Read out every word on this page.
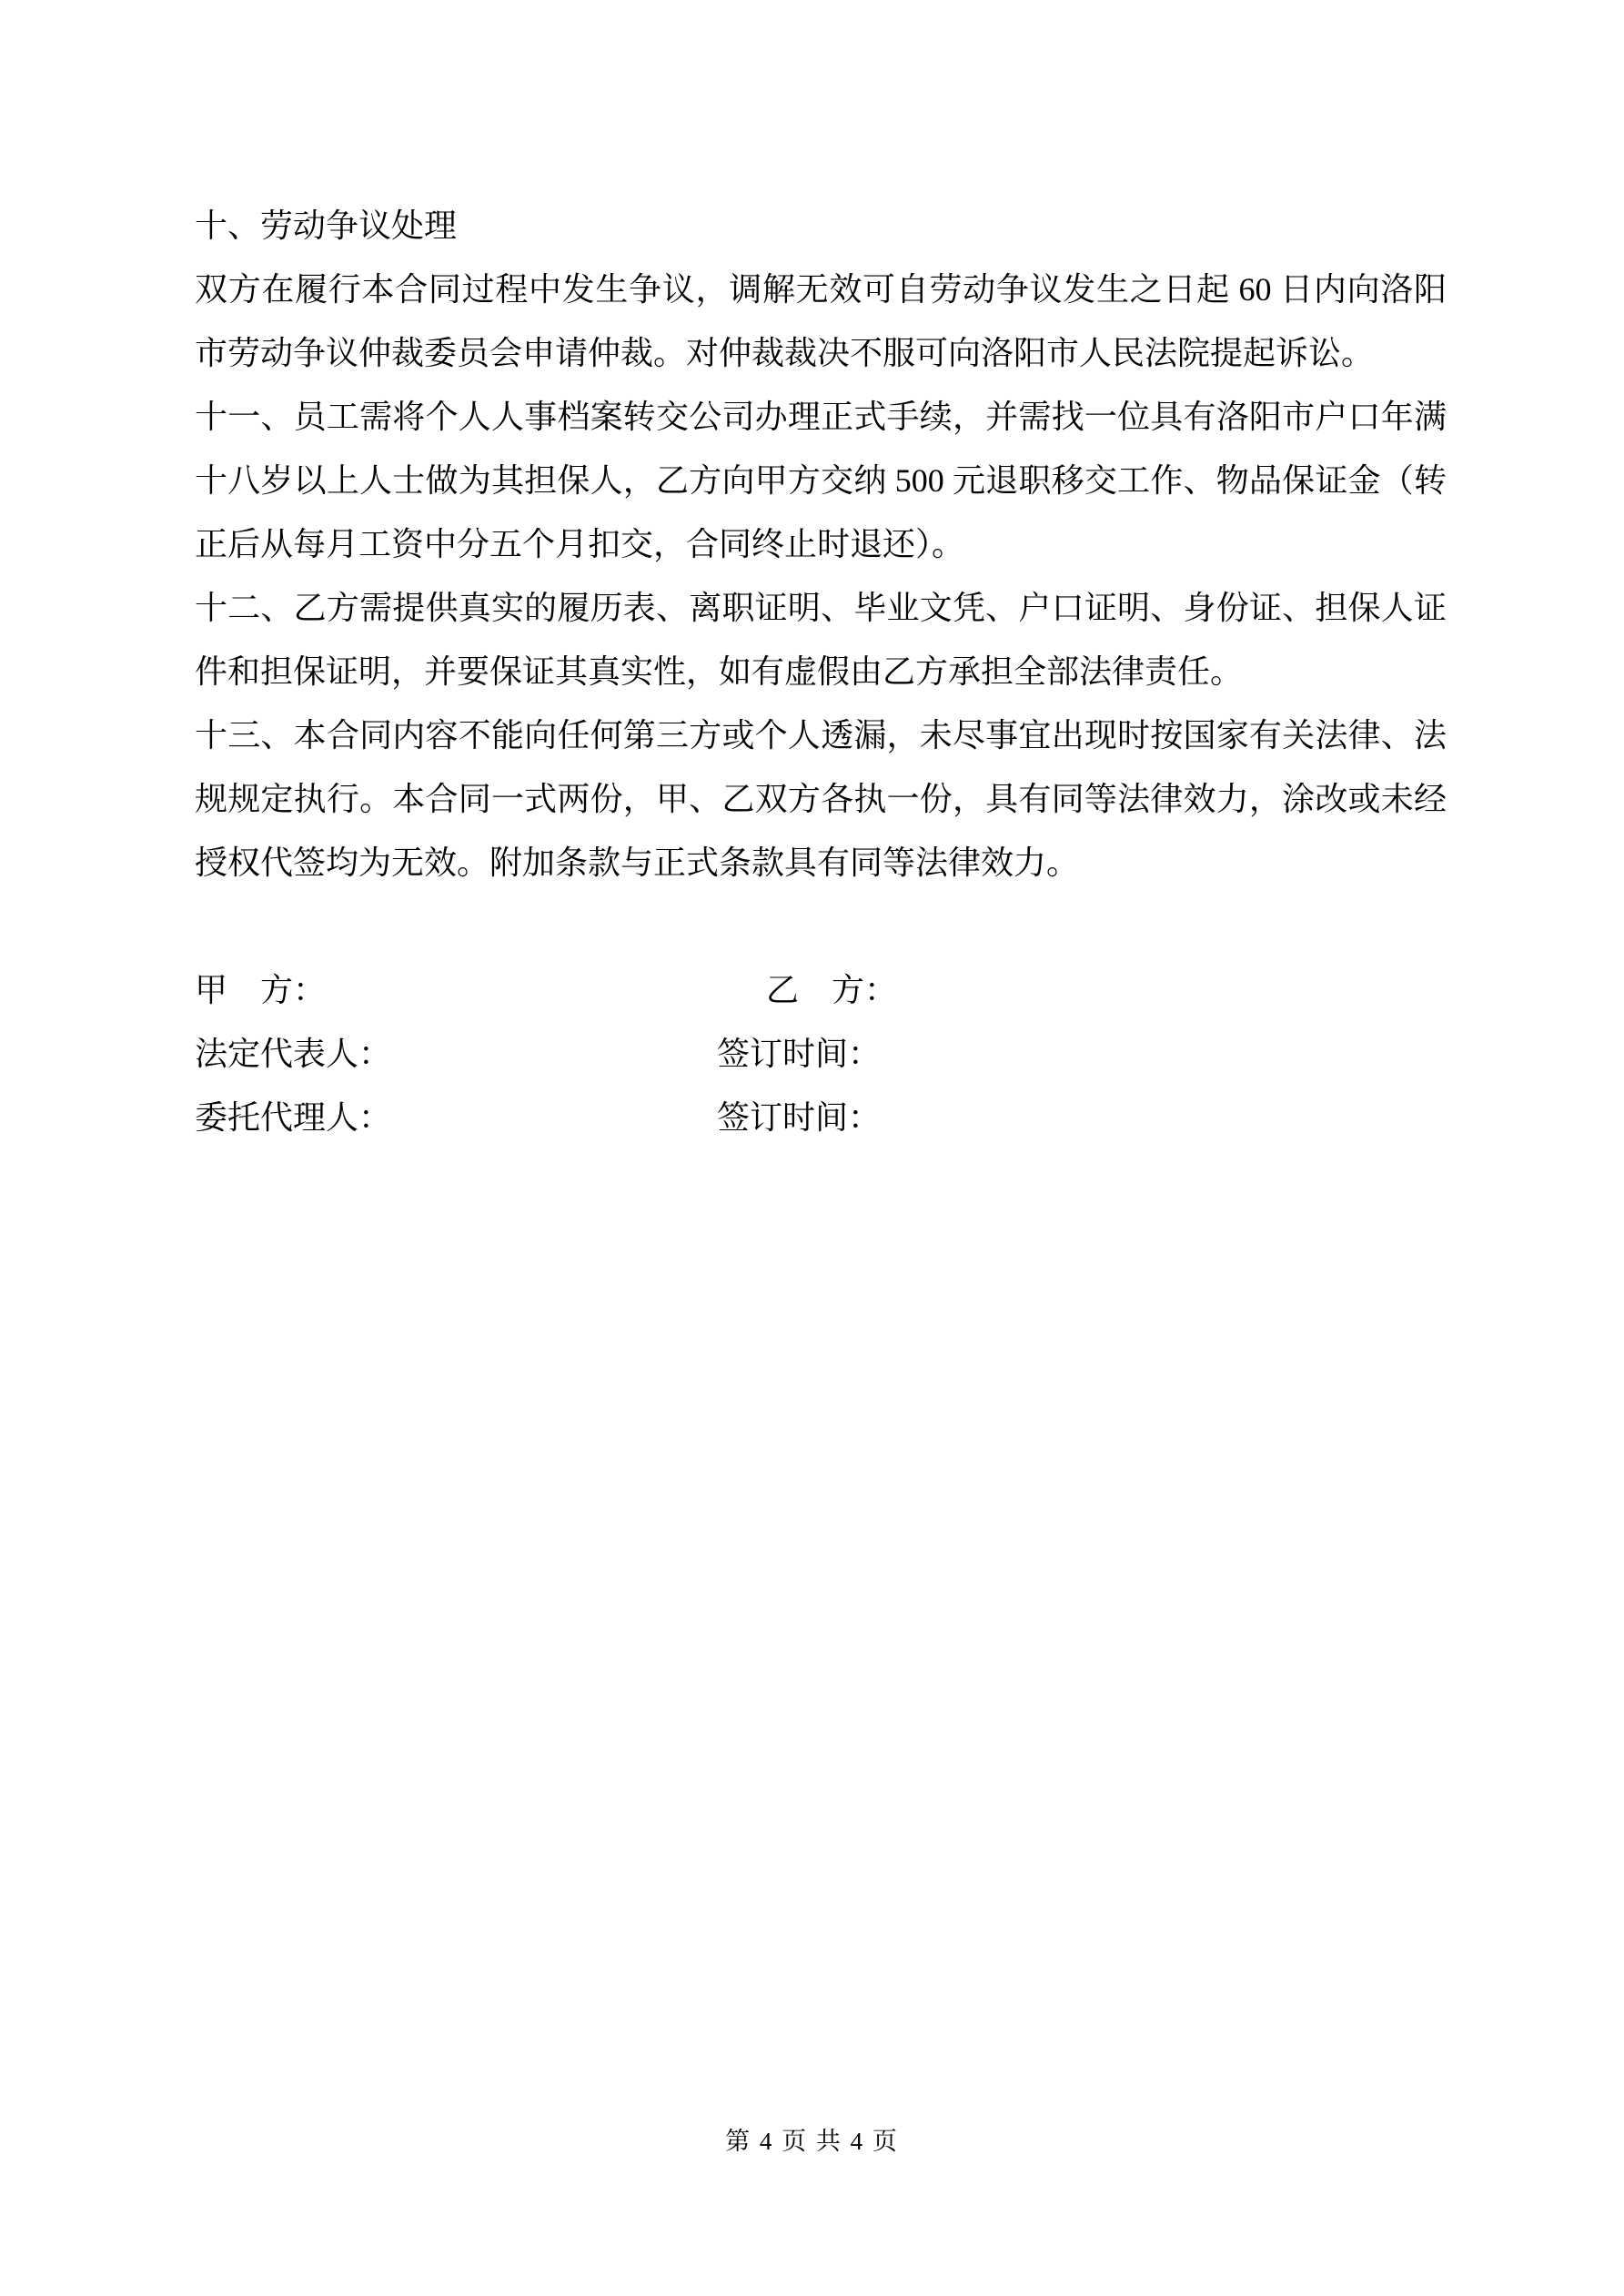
十、劳动争议处理

双方在履行本合同过程中发生争议，调解无效可自劳动争议发生之日起 60 日内向洛阳市劳动争议仲裁委员会申请仲裁。对仲裁裁决不服可向洛阳市人民法院提起诉讼。

十一、员工需将个人人事档案转交公司办理正式手续，并需找一位具有洛阳市户口年满十八岁以上人士做为其担保人，乙方向甲方交纳 500 元退职移交工作、物品保证金（转正后从每月工资中分五个月扣交，合同终止时退还）。

十二、乙方需提供真实的履历表、离职证明、毕业文凭、户口证明、身份证、担保人证件和担保证明，并要保证其真实性，如有虚假由乙方承担全部法律责任。

十三、本合同内容不能向任何第三方或个人透漏，未尽事宜出现时按国家有关法律、法规规定执行。本合同一式两份，甲、乙双方各执一份，具有同等法律效力，涂改或未经授权代签均为无效。附加条款与正式条款具有同等法律效力。

甲　方：	乙　方：
法定代表人：	签订时间：
委托代理人：	签订时间：
第 4 页 共 4 页
